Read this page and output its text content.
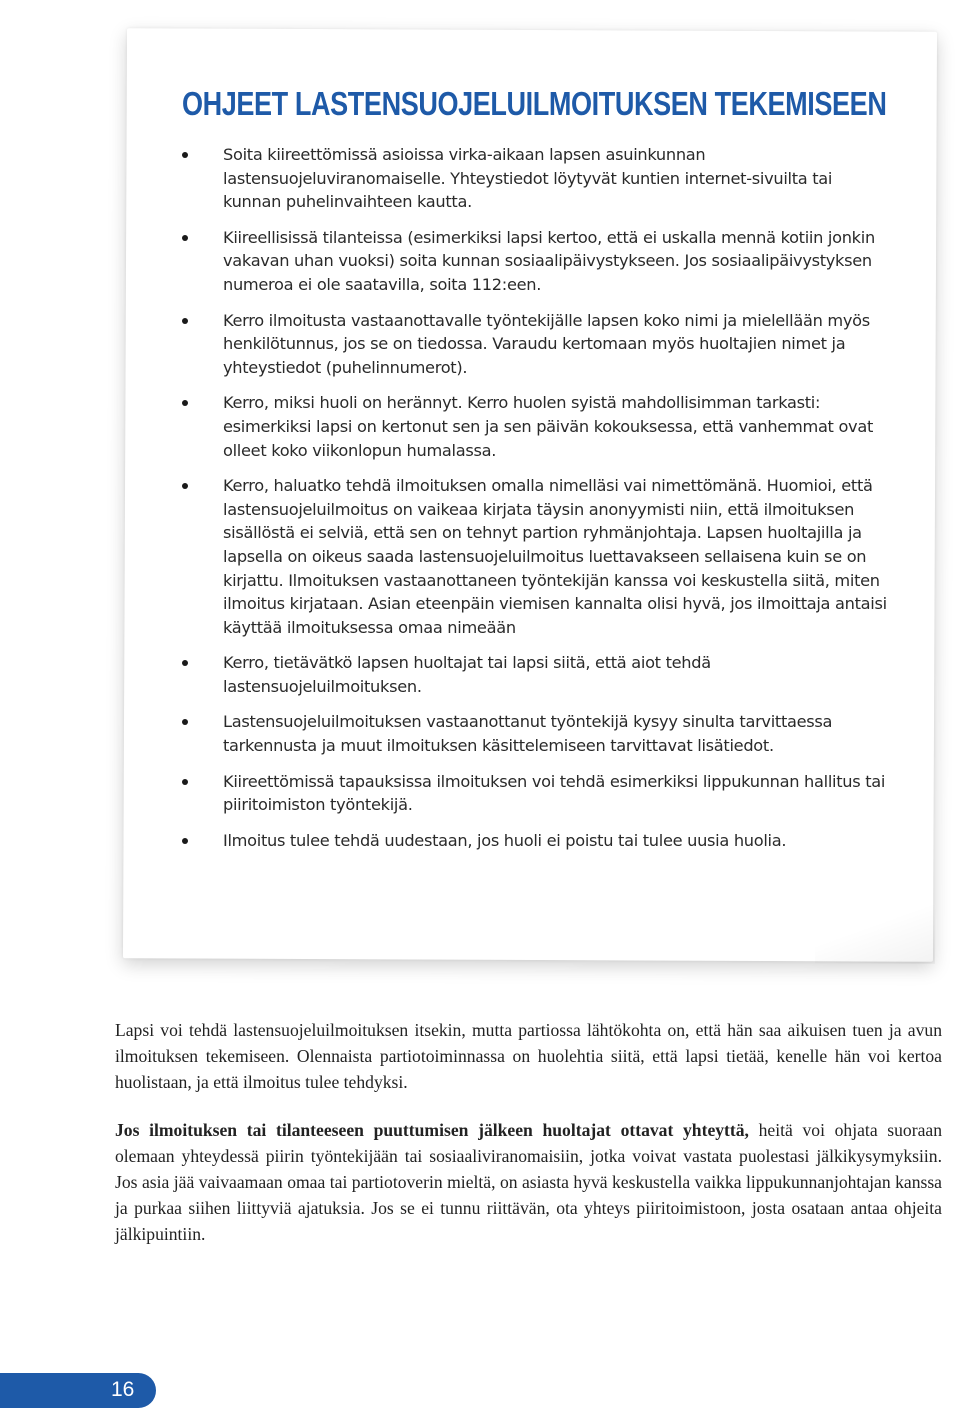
OHJEET LASTENSUOJELUILMOITUKSEN TEKEMISEEN
Soita kiireettömissä asioissa virka-aikaan lapsen asuinkunnan lastensuojeluviranomaiselle. Yhteystiedot löytyvät kuntien internet-sivuilta tai kunnan puhelinvaihteen kautta.
Kiireellisissä tilanteissa (esimerkiksi lapsi kertoo, että ei uskalla mennä kotiin jonkin vakavan uhan vuoksi) soita kunnan sosiaalipäivystykseen. Jos sosiaalipäivystyksen numeroa ei ole saatavilla, soita 112:een.
Kerro ilmoitusta vastaanottavalle työntekijälle lapsen koko nimi ja mielellään myös henkilötunnus, jos se on tiedossa. Varaudu kertomaan myös huoltajien nimet ja yhteystiedot (puhelinnumerot).
Kerro, miksi huoli on herännyt. Kerro huolen syistä mahdollisimman tarkasti: esimerkiksi lapsi on kertonut sen ja sen päivän kokouksessa, että vanhemmat ovat olleet koko viikonlopun humalassa.
Kerro, haluatko tehdä ilmoituksen omalla nimelläsi vai nimettömänä. Huomioi, että lastensuojeluilmoitus on vaikeaa kirjata täysin anonyymisti niin, että ilmoituksen sisällöstä ei selviä, että sen on tehnyt partion ryhmänjohtaja. Lapsen huoltajilla ja lapsella on oikeus saada lastensuojeluilmoitus luettavakseen sellaisena kuin se on kirjattu. Ilmoituksen vastaanottaneen työntekijän kanssa voi keskustella siitä, miten ilmoitus kirjataan. Asian eteenpäin viemisen kannalta olisi hyvä, jos ilmoittaja antaisi käyttää ilmoituksessa omaa nimeään
Kerro, tietävätkö lapsen huoltajat tai lapsi siitä, että aiot tehdä lastensuojeluilmoituksen.
Lastensuojeluilmoituksen vastaanottanut työntekijä kysyy sinulta tarvittaessa tarkennusta ja muut ilmoituksen käsittelemiseen tarvittavat lisätiedot.
Kiireettömissä tapauksissa ilmoituksen voi tehdä esimerkiksi lippukunnan hallitus tai piiritoimiston työntekijä.
Ilmoitus tulee tehdä uudestaan, jos huoli ei poistu tai tulee uusia huolia.

Lapsi voi tehdä lastensuojeluilmoituksen itsekin, mutta partiossa lähtökohta on, että hän saa aikuisen tuen ja avun ilmoituksen tekemiseen. Olennaista partiotoiminnassa on huolehtia siitä, että lapsi tietää, kenelle hän voi kertoa huolistaan, ja että ilmoitus tulee tehdyksi.

Jos ilmoituksen tai tilanteeseen puuttumisen jälkeen huoltajat ottavat yhteyttä, heitä voi ohjata suoraan olemaan yhteydessä piirin työntekijään tai sosiaaliviranomaisiin, jotka voivat vastata puolestasi jälkikysymyksiin. Jos asia jää vaivaamaan omaa tai partiotoverin mieltä, on asiasta hyvä keskustella vaikka lippukunnanjohtajan kanssa ja purkaa siihen liittyviä ajatuksia. Jos se ei tunnu riittävän, ota yhteys piiritoimistoon, josta osataan antaa ohjeita jälkipuintiin.

16
